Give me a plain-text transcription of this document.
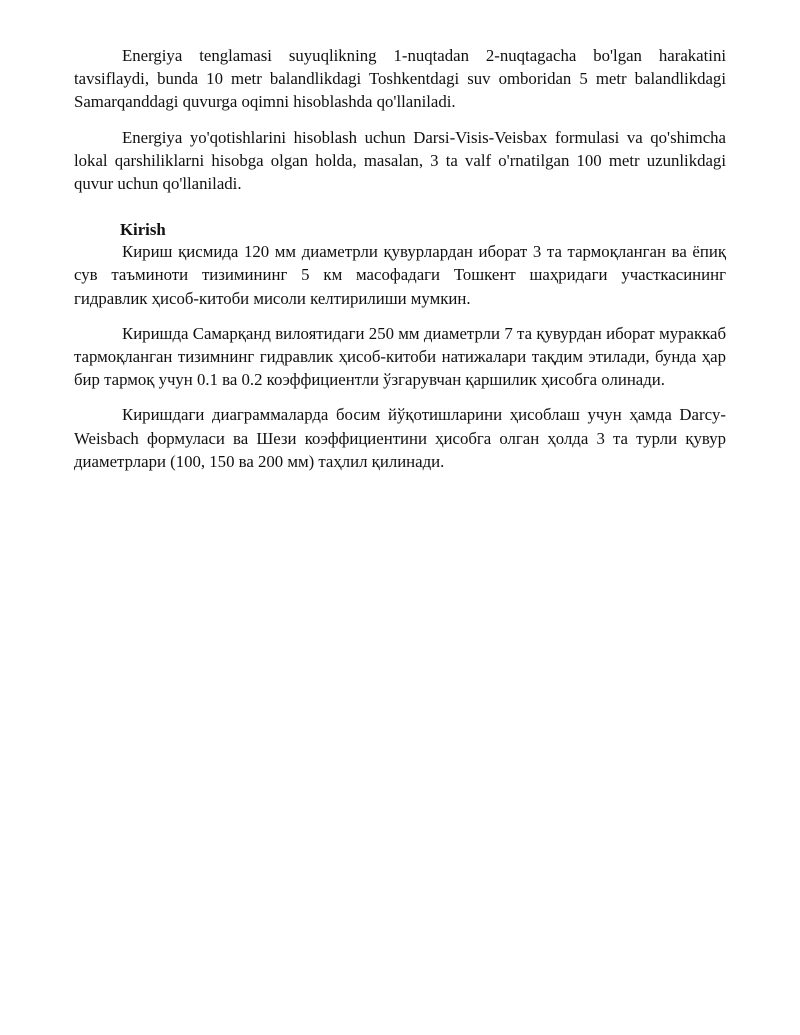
Energiya tenglamasi suyuqlikning 1-nuqtadan 2-nuqtagacha bo'lgan harakatini tavsiflaydi, bunda 10 metr balandlikdagi Toshkentdagi suv omboridan 5 metr balandlikdagi Samarqanddagi quvurga oqimni hisoblashda qo'llaniladi.

Energiya yo'qotishlarini hisoblash uchun Darsi-Visis-Veisbax formulasi va qo'shimcha lokal qarshiliklarni hisobga olgan holda, masalan, 3 ta valf o'rnatilgan 100 metr uzunlikdagi quvur uchun qo'llaniladi.

Kirish

Кириш қисмида 120 мм диаметрли қувурлардан иборат 3 та тармоқланган ва ёпиқ сув таъминоти тизимининг 5 км масофадаги Тошкент шаҳридаги участкасининг гидравлик ҳисоб-китоби мисоли келтирилиши мумкин.

Киришда Самарқанд вилоятидаги 250 мм диаметрли 7 та қувурдан иборат мураккаб тармоқланган тизимнинг гидравлик ҳисоб-китоби натижалари тақдим этилади, бунда ҳар бир тармоқ учун 0.1 ва 0.2 коэффициентли ўзгарувчан қаршилик ҳисобга олинади.

Киришдаги диаграммаларда босим йўқотишларини ҳисоблаш учун ҳамда Darcy-Weisbach формуласи ва Шези коэффициентини ҳисобга олган ҳолда 3 та турли қувур диаметрлари (100, 150 ва 200 мм) таҳлил қилинади.
